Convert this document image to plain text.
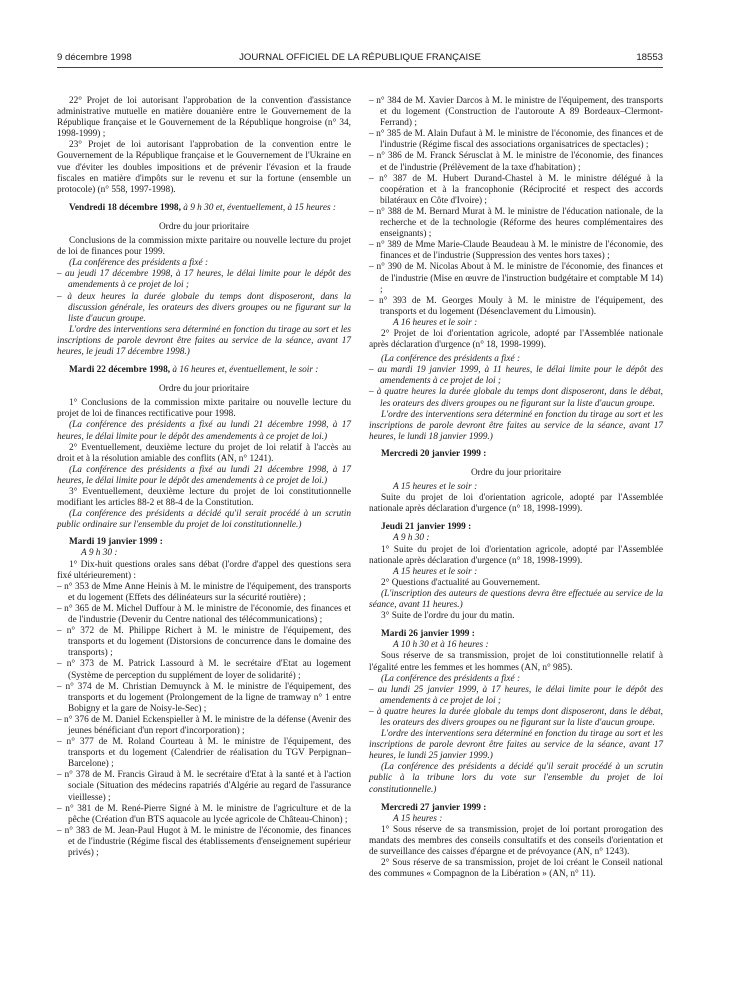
9 décembre 1998	JOURNAL OFFICIEL DE LA RÉPUBLIQUE FRANÇAISE	18553

22° Projet de loi autorisant l'approbation de la convention d'assistance administrative mutuelle en matière douanière entre le Gouvernement de la République française et le Gouvernement de la République hongroise (n° 34, 1998-1999) ;

23° Projet de loi autorisant l'approbation de la convention entre le Gouvernement de la République française et le Gouvernement de l'Ukraine en vue d'éviter les doubles impositions et de prévenir l'évasion et la fraude fiscales en matière d'impôts sur le revenu et sur la fortune (ensemble un protocole) (n° 558, 1997-1998).

Vendredi 18 décembre 1998, à 9 h 30 et, éventuellement, à 15 heures :

Ordre du jour prioritaire

Conclusions de la commission mixte paritaire ou nouvelle lecture du projet de loi de finances pour 1999.

(La conférence des présidents a fixé :

– au jeudi 17 décembre 1998, à 17 heures, le délai limite pour le dépôt des amendements à ce projet de loi ;

– à deux heures la durée globale du temps dont disposeront, dans la discussion générale, les orateurs des divers groupes ou ne figurant sur la liste d'aucun groupe.

L'ordre des interventions sera déterminé en fonction du tirage au sort et les inscriptions de parole devront être faites au service de la séance, avant 17 heures, le jeudi 17 décembre 1998.)

Mardi 22 décembre 1998, à 16 heures et, éventuellement, le soir :

Ordre du jour prioritaire

1° Conclusions de la commission mixte paritaire ou nouvelle lecture du projet de loi de finances rectificative pour 1998.

(La conférence des présidents a fixé au lundi 21 décembre 1998, à 17 heures, le délai limite pour le dépôt des amendements à ce projet de loi.)

2° Eventuellement, deuxième lecture du projet de loi relatif à l'accès au droit et à la résolution amiable des conflits (AN, n° 1241).

(La conférence des présidents a fixé au lundi 21 décembre 1998, à 17 heures, le délai limite pour le dépôt des amendements à ce projet de loi.)

3° Eventuellement, deuxième lecture du projet de loi constitutionnelle modifiant les articles 88-2 et 88-4 de la Constitution.

(La conférence des présidents a décidé qu'il serait procédé à un scrutin public ordinaire sur l'ensemble du projet de loi constitutionnelle.)

Mardi 19 janvier 1999 :

A 9 h 30 :

1° Dix-huit questions orales sans débat (l'ordre d'appel des questions sera fixé ultérieurement) :

– n° 353 de Mme Anne Heinis à M. le ministre de l'équipement, des transports et du logement (Effets des délinéateurs sur la sécurité routière) ;

– n° 365 de M. Michel Duffour à M. le ministre de l'économie, des finances et de l'industrie (Devenir du Centre national des télécommunications) ;

– n° 372 de M. Philippe Richert à M. le ministre de l'équipement, des transports et du logement (Distorsions de concurrence dans le domaine des transports) ;

– n° 373 de M. Patrick Lassourd à M. le secrétaire d'Etat au logement (Système de perception du supplément de loyer de solidarité) ;

– n° 374 de M. Christian Demuynck à M. le ministre de l'équipement, des transports et du logement (Prolongement de la ligne de tramway n° 1 entre Bobigny et la gare de Noisy-le-Sec) ;

– n° 376 de M. Daniel Eckenspieller à M. le ministre de la défense (Avenir des jeunes bénéficiant d'un report d'incorporation) ;

– n° 377 de M. Roland Courteau à M. le ministre de l'équipement, des transports et du logement (Calendrier de réalisation du TGV Perpignan–Barcelone) ;

– n° 378 de M. Francis Giraud à M. le secrétaire d'Etat à la santé et à l'action sociale (Situation des médecins rapatriés d'Algérie au regard de l'assurance vieillesse) ;

– n° 381 de M. René-Pierre Signé à M. le ministre de l'agriculture et de la pêche (Création d'un BTS aquacole au lycée agricole de Château-Chinon) ;

– n° 383 de M. Jean-Paul Hugot à M. le ministre de l'économie, des finances et de l'industrie (Régime fiscal des établissements d'enseignement supérieur privés) ;

– n° 384 de M. Xavier Darcos à M. le ministre de l'équipement, des transports et du logement (Construction de l'autoroute A 89 Bordeaux–Clermont-Ferrand) ;

– n° 385 de M. Alain Dufaut à M. le ministre de l'économie, des finances et de l'industrie (Régime fiscal des associations organisatrices de spectacles) ;

– n° 386 de M. Franck Sérusclat à M. le ministre de l'économie, des finances et de l'industrie (Prélèvement de la taxe d'habitation) ;

– n° 387 de M. Hubert Durand-Chastel à M. le ministre délégué à la coopération et à la francophonie (Réciprocité et respect des accords bilatéraux en Côte d'Ivoire) ;

– n° 388 de M. Bernard Murat à M. le ministre de l'éducation nationale, de la recherche et de la technologie (Réforme des heures complémentaires des enseignants) ;

– n° 389 de Mme Marie-Claude Beaudeau à M. le ministre de l'économie, des finances et de l'industrie (Suppression des ventes hors taxes) ;

– n° 390 de M. Nicolas About à M. le ministre de l'économie, des finances et de l'industrie (Mise en œuvre de l'instruction budgétaire et comptable M 14) ;

– n° 393 de M. Georges Mouly à M. le ministre de l'équipement, des transports et du logement (Désenclavement du Limousin).

A 16 heures et le soir :

2° Projet de loi d'orientation agricole, adopté par l'Assemblée nationale après déclaration d'urgence (n° 18, 1998-1999).

(La conférence des présidents a fixé :

– au mardi 19 janvier 1999, à 11 heures, le délai limite pour le dépôt des amendements à ce projet de loi ;

– à quatre heures la durée globale du temps dont disposeront, dans le débat, les orateurs des divers groupes ou ne figurant sur la liste d'aucun groupe.

L'ordre des interventions sera déterminé en fonction du tirage au sort et les inscriptions de parole devront être faites au service de la séance, avant 17 heures, le lundi 18 janvier 1999.)

Mercredi 20 janvier 1999 :

Ordre du jour prioritaire

A 15 heures et le soir :

Suite du projet de loi d'orientation agricole, adopté par l'Assemblée nationale après déclaration d'urgence (n° 18, 1998-1999).

Jeudi 21 janvier 1999 :

A 9 h 30 :

1° Suite du projet de loi d'orientation agricole, adopté par l'Assemblée nationale après déclaration d'urgence (n° 18, 1998-1999).

A 15 heures et le soir :

2° Questions d'actualité au Gouvernement.

(L'inscription des auteurs de questions devra être effectuée au service de la séance, avant 11 heures.)

3° Suite de l'ordre du jour du matin.

Mardi 26 janvier 1999 :

A 10 h 30 et à 16 heures :

Sous réserve de sa transmission, projet de loi constitutionnelle relatif à l'égalité entre les femmes et les hommes (AN, n° 985).

(La conférence des présidents a fixé :

– au lundi 25 janvier 1999, à 17 heures, le délai limite pour le dépôt des amendements à ce projet de loi ;

– à quatre heures la durée globale du temps dont disposeront, dans le débat, les orateurs des divers groupes ou ne figurant sur la liste d'aucun groupe.

L'ordre des interventions sera déterminé en fonction du tirage au sort et les inscriptions de parole devront être faites au service de la séance, avant 17 heures, le lundi 25 janvier 1999.)

(La conférence des présidents a décidé qu'il serait procédé à un scrutin public à la tribune lors du vote sur l'ensemble du projet de loi constitutionnelle.)

Mercredi 27 janvier 1999 :

A 15 heures :

1° Sous réserve de sa transmission, projet de loi portant prorogation des mandats des membres des conseils consultatifs et des conseils d'orientation et de surveillance des caisses d'épargne et de prévoyance (AN, n° 1243).

2° Sous réserve de sa transmission, projet de loi créant le Conseil national des communes « Compagnon de la Libération » (AN, n° 11).
